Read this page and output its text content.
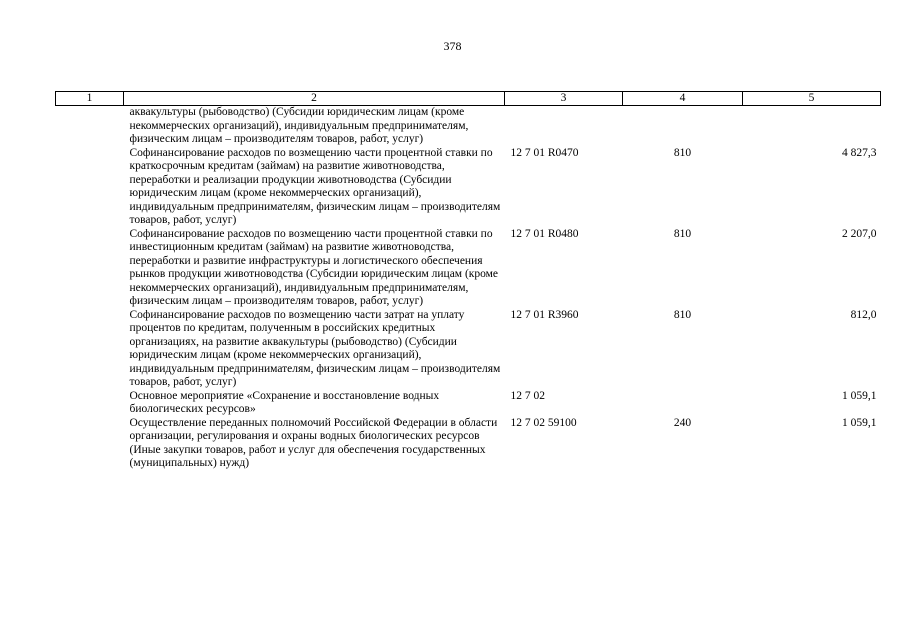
378
1	2	3	4	5
	аквакультуры (рыбоводство) (Субсидии юридическим лицам (кроме некоммерческих организаций), индивидуальным предпринимателям, физическим лицам – производителям товаров, работ, услуг)			
	Софинансирование расходов по возмещению части процентной ставки по краткосрочным кредитам (займам) на развитие животноводства, переработки и реализации продукции животноводства (Субсидии юридическим лицам (кроме некоммерческих организаций), индивидуальным предпринимателям, физическим лицам – производителям товаров, работ, услуг)	12 7 01 R0470	810	4 827,3
	Софинансирование расходов по возмещению части процентной ставки по инвестиционным кредитам (займам) на развитие животноводства, переработки и развитие инфраструктуры и логистического обеспечения рынков продукции животноводства (Субсидии юридическим лицам (кроме некоммерческих организаций), индивидуальным предпринимателям, физическим лицам – производителям товаров, работ, услуг)	12 7 01 R0480	810	2 207,0
	Софинансирование расходов по возмещению части затрат на уплату процентов по кредитам, полученным в российских кредитных организациях, на развитие аквакультуры (рыбоводство) (Субсидии юридическим лицам (кроме некоммерческих организаций), индивидуальным предпринимателям, физическим лицам – производителям товаров, работ, услуг)	12 7 01 R3960	810	812,0
	Основное мероприятие «Сохранение и восстановление водных биологических ресурсов»	12 7 02		1 059,1
	Осуществление переданных полномочий Российской Федерации в области организации, регулирования и охраны водных биологических ресурсов (Иные закупки товаров, работ и услуг для обеспечения государственных (муниципальных) нужд)	12 7 02 59100	240	1 059,1
